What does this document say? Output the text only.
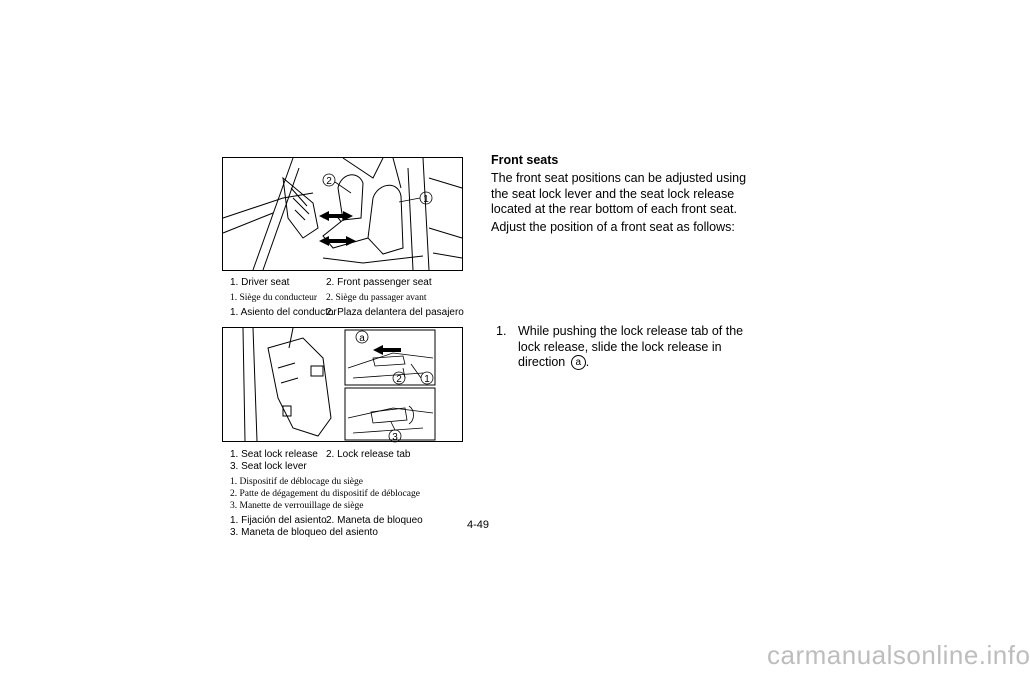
2
1
1. Driver seat	2. Front passenger seat
1. Siège du conducteur 2. Siège du passager avant
1. Asiento del conductor
2. Plaza delantera del pasajero
a
2 1
3
1. Seat lock release 2. Lock release tab
3. Seat lock lever
1. Dispositif de déblocage du siège
2. Patte de dégagement du dispositif de déblocage
3. Manette de verrouillage de siège
1. Fijación del asiento 2. Maneta de bloqueo
3. Maneta de bloqueo del asiento
Front seats
The front seat positions can be adjusted using the seat lock lever and the seat lock release located at the rear bottom of each front seat.
Adjust the position of a front seat as follows:
1. While pushing the lock release tab of the lock release, slide the lock release in direction a .
4-49
carmanualsonline.info
